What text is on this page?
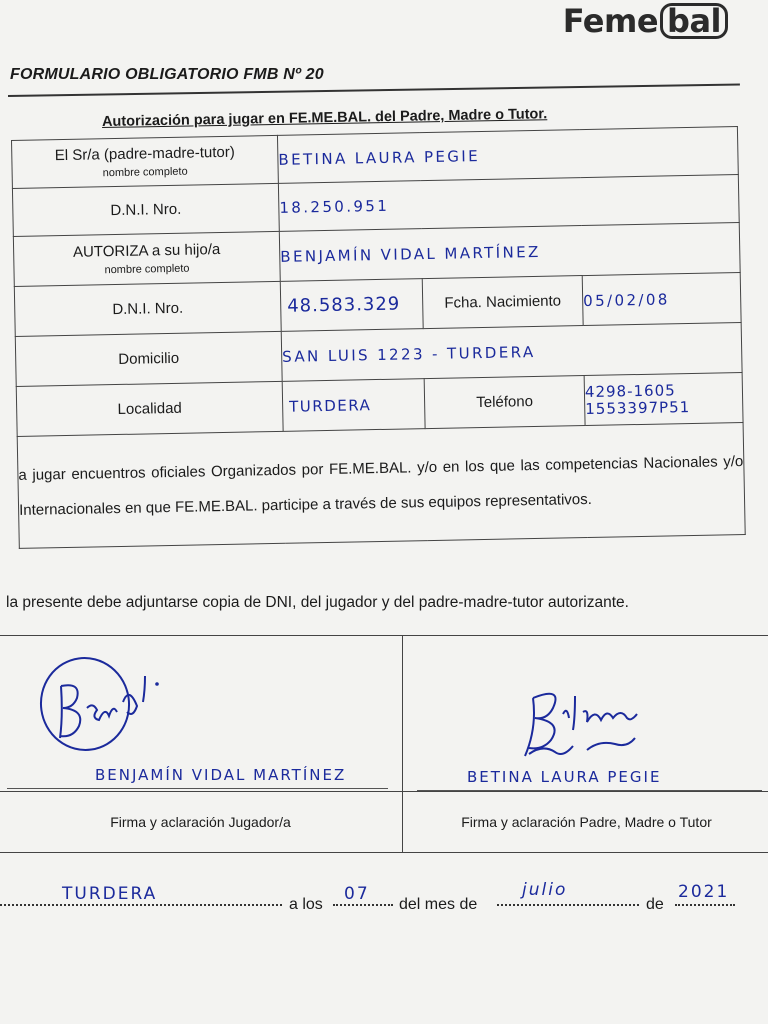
Feme bal
FORMULARIO OBLIGATORIO FMB Nº 20
Autorización para jugar en FE.ME.BAL. del Padre, Madre o Tutor.
El Sr/a (padre-madre-tutor)
nombre completo	BETINA LAURA PEGIE		
D.N.I. Nro.	18.250.951		
AUTORIZA a su hijo/a
nombre completo	BENJAMÍN VIDAL MARTÍNEZ		
D.N.I. Nro.	48.583.329	Fcha. Nacimiento	05/02/08
Domicilio	SAN LUIS 1223 - TURDERA		
Localidad	TURDERA	Teléfono	4298-1605
1553397P51

a jugar encuentros oficiales Organizados por FE.ME.BAL. y/o en los que las competencias Nacionales y/o Internacionales en que FE.ME.BAL. participe a través de sus equipos representativos.			
la presente debe adjuntarse copia de DNI, del jugador y del padre-madre-tutor autorizante.
BENJAMÍN VIDAL MARTÍNEZ	BETINA LAURA PEGIE

Firma y aclaración Jugador/a	Firma y aclaración Padre, Madre o Tutor
TURDERA
a los
07
del mes de
julio
de
2021
